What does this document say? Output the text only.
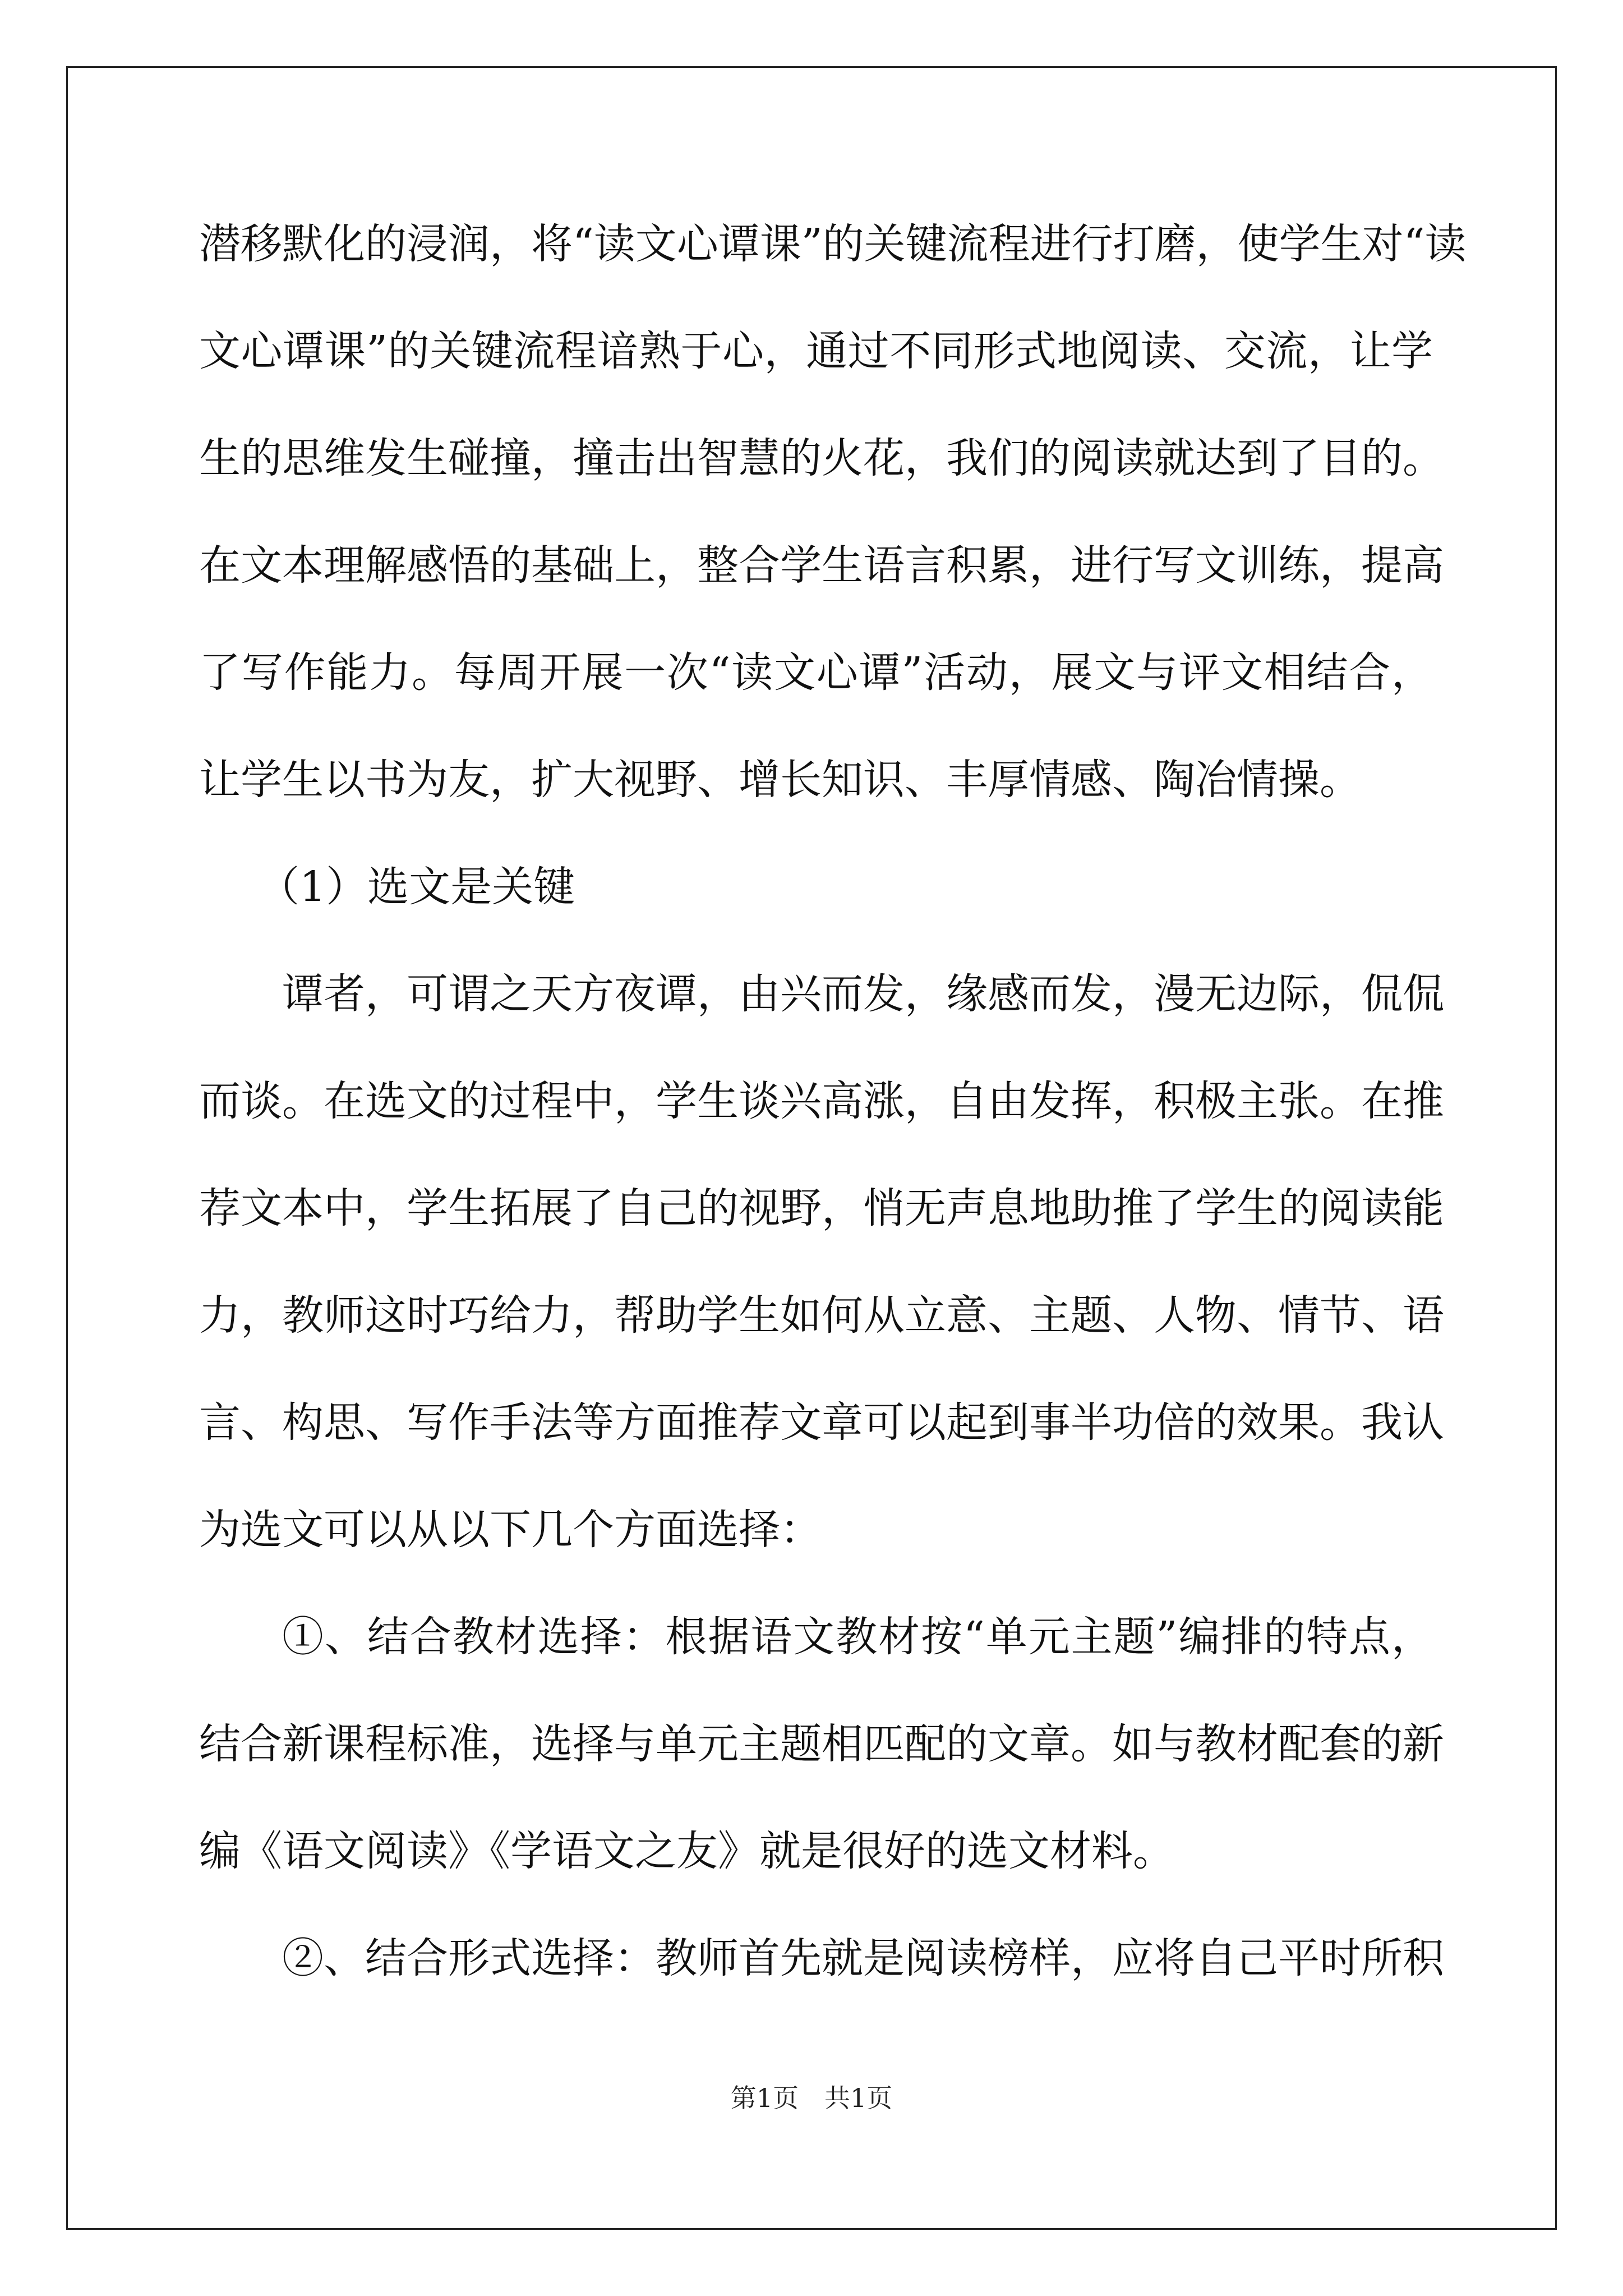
潜移默化的浸润，将“读文心谭课”的关键流程进行打磨，使学生对“读
文心谭课”的关键流程谙熟于心，通过不同形式地阅读、交流，让学
生的思维发生碰撞，撞击出智慧的火花，我们的阅读就达到了目的。
在文本理解感悟的基础上，整合学生语言积累，进行写文训练，提高
了写作能力。每周开展一次“读文心谭”活动，展文与评文相结合，
让学生以书为友，扩大视野、增长知识、丰厚情感、陶冶情操。
（1）选文是关键
谭者，可谓之天方夜谭，由兴而发，缘感而发，漫无边际，侃侃
而谈。在选文的过程中，学生谈兴高涨，自由发挥，积极主张。在推
荐文本中，学生拓展了自己的视野，悄无声息地助推了学生的阅读能
力，教师这时巧给力，帮助学生如何从立意、主题、人物、情节、语
言、构思、写作手法等方面推荐文章可以起到事半功倍的效果。我认
为选文可以从以下几个方面选择：
①、结合教材选择：根据语文教材按“单元主题”编排的特点，
结合新课程标准，选择与单元主题相匹配的文章。如与教材配套的新
编《语文阅读》《学语文之友》就是很好的选文材料。
②、结合形式选择：教师首先就是阅读榜样，应将自己平时所积
第1页　共1页
